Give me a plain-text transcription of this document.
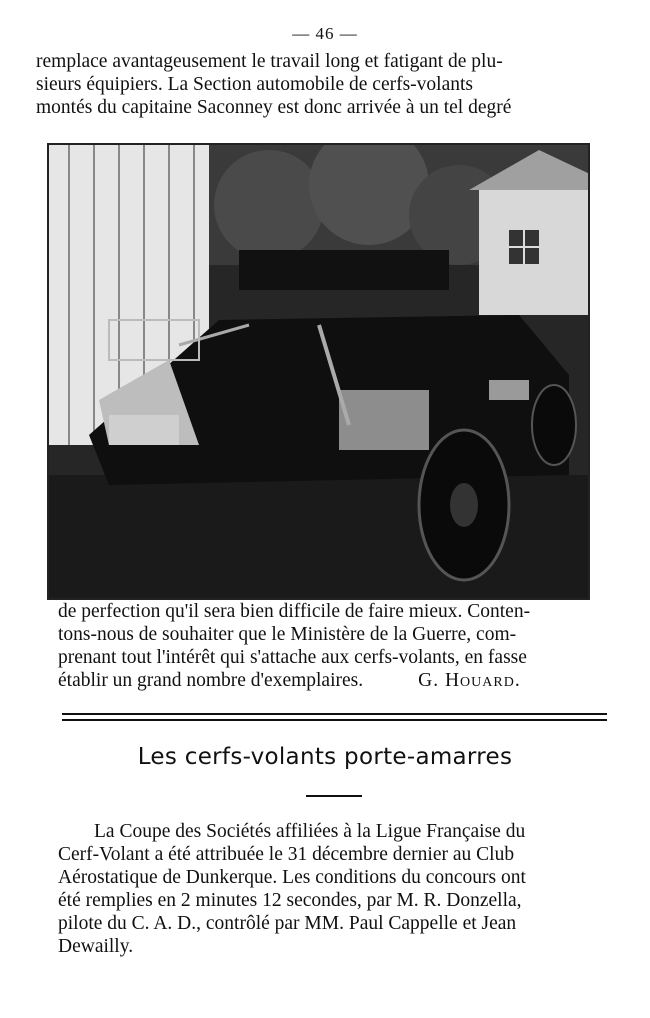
— 46 —

remplace avantageusement le travail long et fatigant de plu-
sieurs équipiers. La Section automobile de cerfs-volants
montés du capitaine Saconney est donc arrivée à un tel degré

de perfection qu'il sera bien difficile de faire mieux. Conten-
tons-nous de souhaiter que le Ministère de la Guerre, com-
prenant tout l'intérêt qui s'attache aux cerfs-volants, en fasse
établir un grand nombre d'exemplaires.	G. Houard.

Les cerfs-volants porte-amarres

La Coupe des Sociétés affiliées à la Ligue Française du
Cerf-Volant a été attribuée le 31 décembre dernier au Club
Aérostatique de Dunkerque. Les conditions du concours ont
été remplies en 2 minutes 12 secondes, par M. R. Donzella,
pilote du C. A. D., contrôlé par MM. Paul Cappelle et Jean
Dewailly.
